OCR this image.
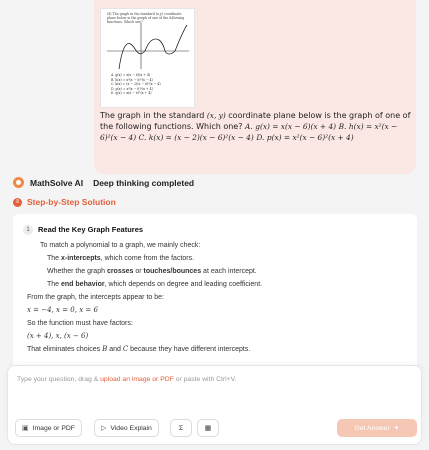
(4) The graph in the standard (x,y) coordinate plane below is the graph of one of the following functions. Which one?
A. g(x) = x(x − 6)(x + 4)
B. h(x) = x²(x − 6)²(x − 4)
C. k(x) = (x − 2)(x − 6)²(x − 4)
D. p(x) = x²(x − 6)²(x + 4)
E. q(x) = x(x − 6)²(x + 4)
The graph in the standard (x, y) coordinate plane below is the graph of one of the following functions. Which one? A. g(x) = x(x − 6)(x + 4) B. h(x) = x²(x − 6)²(x − 4) C. k(x) = (x − 2)(x − 6)²(x − 4) D. p(x) = x²(x − 6)²(x + 4)
MathSolve AI Deep thinking completed
≡ Step-by-Step Solution
1	Read the Key Graph Features
To match a polynomial to a graph, we mainly check:
The x-intercepts, which come from the factors.
Whether the graph crosses or touches/bounces at each intercept.
The end behavior, which depends on degree and leading coefficient.
From the graph, the intercepts appear to be:
x = −4, x = 0, x = 6
So the function must have factors:
(x + 4), x, (x − 6)
That eliminates choices B and C because they have different intercepts.
Type your question, drag & upload an image or PDF or paste with Ctrl+V.
▣ Image or PDF	▷ Video Explain	Σ	▦	Get Answer ✦
